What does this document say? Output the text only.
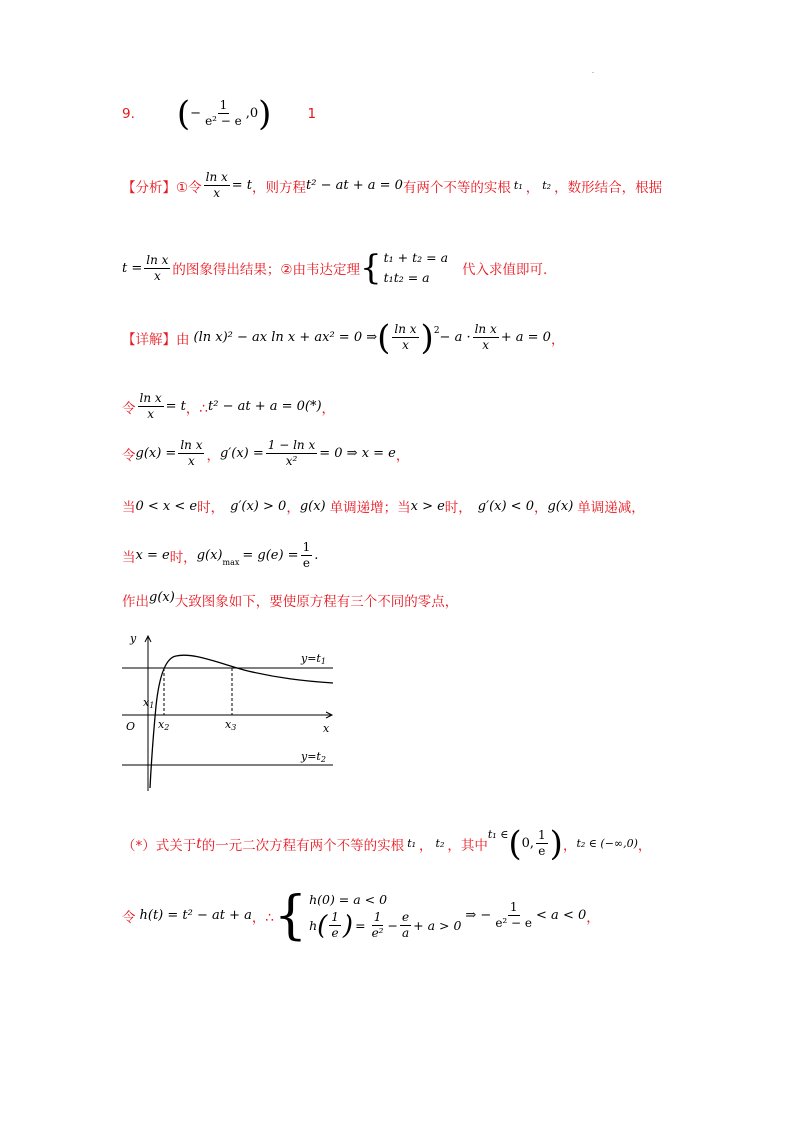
.
9. ( − $\frac{1}{\text{e² − e}} ,0$ )	1
【分析】 ①令 $\frac{\text{ln x}}{x} = t$ ，则方程 t² − at + a = 0 有两个不等的实根 t₁ ， t₂ ，数形结合，根据
$t = \frac{\text{ln x}}{x}$ 的图象得出结果；②由韦达定理 { t₁ + t₂ = a
t₁t₂ = a	代入求值即可.
【详解】 由 (ln x)² − ax ln x + ax² = 0 ⇒ ( $\frac{\text{ln x}}{x}$ ) $2 - a \cdot \frac{\text{ln x}}{x} + a = 0$ ，
令 $\frac{\text{ln x}}{x} = t$ ，∴ t² − at + a = 0(*) ，
令 $g(x) = \frac{\text{ln x}}{x}$ ， $g'(x) = \frac{\text{1 − ln x}}{\text{x²}} = 0$ ⇒ x = e ，
当 0 < x < e 时， g′(x) > 0 ， g(x) 单调递增；当 x > e 时， g′(x) < 0 ， g(x) 单调递减，
当 x = e 时， g(x) $\max = g(e) = \frac{1}{e}$ .
作出 g(x) 大致图象如下，要使原方程有三个不同的零点，
y
x
O
y=t1
y=t2
x1
x2	x3
（*）式关于 t 的一元二次方程有两个不等的实根 t₁ ， t₂ ，其中
t₁ ∈ ( 0, $\frac{1}{e}$ ) ， t₂ ∈ (−∞,0) ，
令 h(t) = t² − at + a ，∴ { h(0) = a < 0
h ( $\frac{1}{e}$ ) = $\frac{1}{\text{e²}} - \frac{e}{a} + a > 0$
⇒ − $\frac{1}{\text{e² − e}} < a < 0$ ，
